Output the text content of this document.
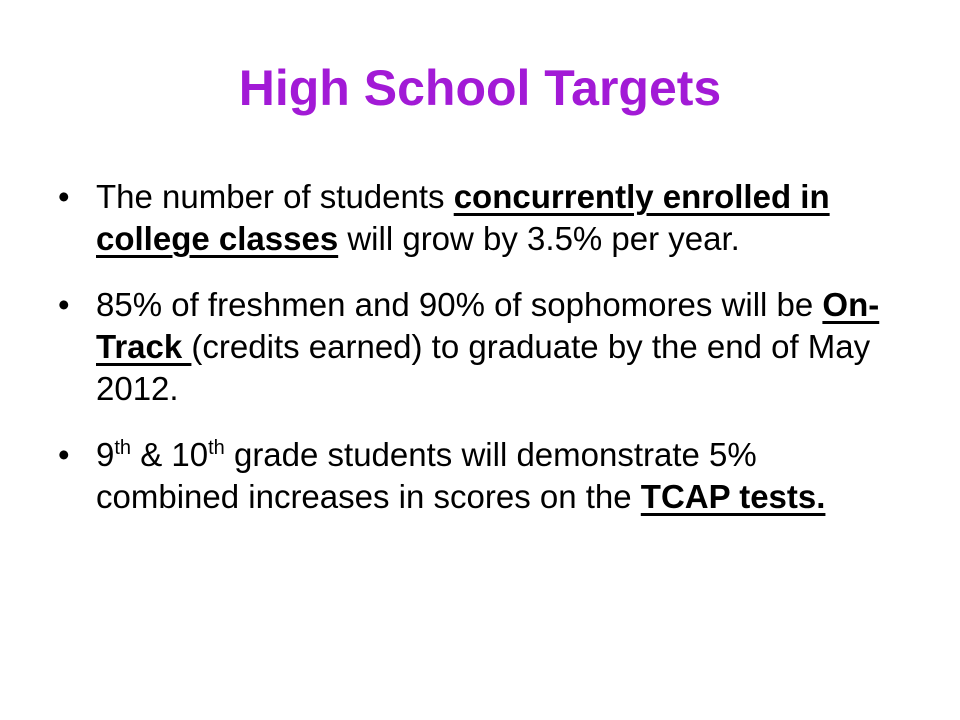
High School Targets
• The number of students concurrently enrolled in college classes will grow by 3.5% per year.
• 85% of freshmen and 90% of sophomores will be On-Track (credits earned) to graduate by the end of May 2012.
• 9th & 10th grade students will demonstrate 5% combined increases in scores on the TCAP tests.
